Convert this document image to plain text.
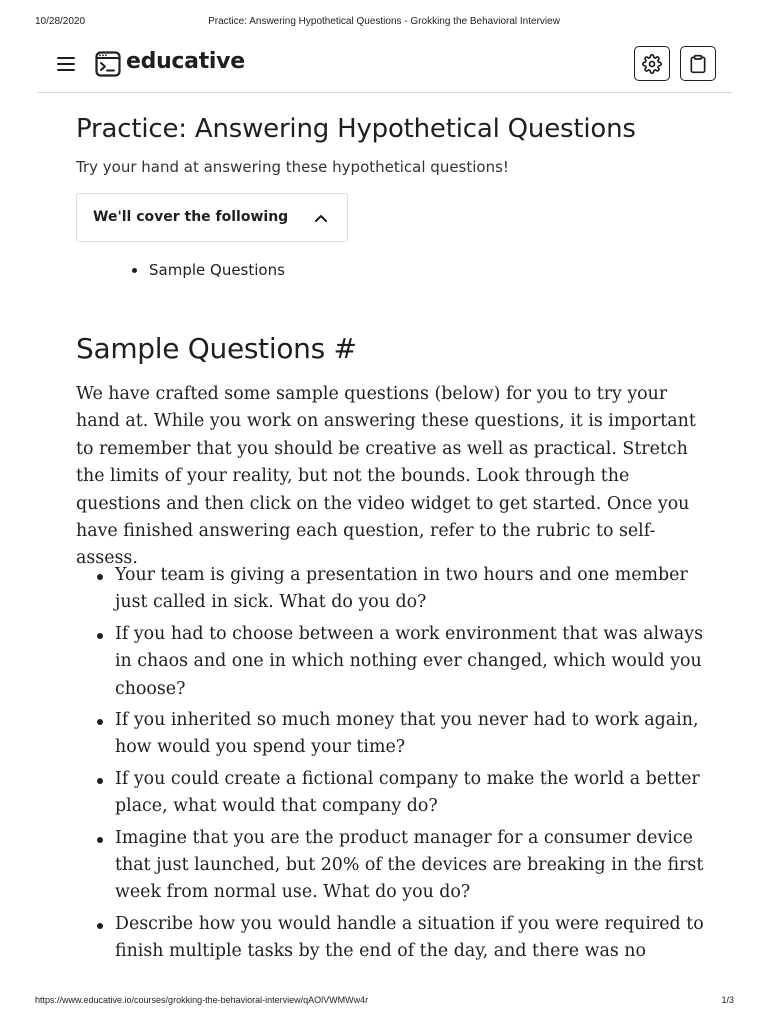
10/28/2020	Practice: Answering Hypothetical Questions - Grokking the Behavioral Interview
educative
Practice: Answering Hypothetical Questions

Try your hand at answering these hypothetical questions!

We'll cover the following
Sample Questions
Sample Questions #

We have crafted some sample questions (below) for you to try your hand at. While you work on answering these questions, it is important to remember that you should be creative as well as practical. Stretch the limits of your reality, but not the bounds. Look through the questions and then click on the video widget to get started. Once you have finished answering each question, refer to the rubric to self-assess.

Your team is giving a presentation in two hours and one member just called in sick. What do you do?
If you had to choose between a work environment that was always in chaos and one in which nothing ever changed, which would you choose?
If you inherited so much money that you never had to work again, how would you spend your time?
If you could create a fictional company to make the world a better place, what would that company do?
Imagine that you are the product manager for a consumer device that just launched, but 20% of the devices are breaking in the first week from normal use. What do you do?
Describe how you would handle a situation if you were required to finish multiple tasks by the end of the day, and there was no
https://www.educative.io/courses/grokking-the-behavioral-interview/qAOlVWMWw4r	1/3
